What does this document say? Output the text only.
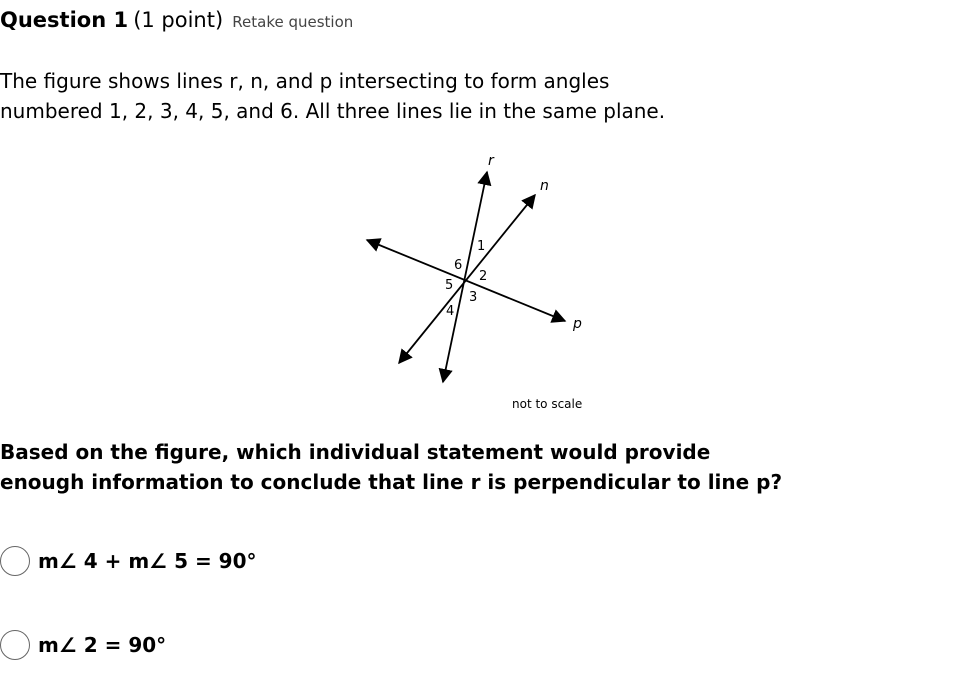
Question 1 (1 point) Retake question
The figure shows lines r, n, and p intersecting to form angles
numbered 1, 2, 3, 4, 5, and 6. All three lines lie in the same plane.
r
n
p
1
2
3
4
5
6
not to scale
Based on the figure, which individual statement would provide
enough information to conclude that line r is perpendicular to line p?
m∠ 4 + m∠ 5 = 90°
m∠ 2 = 90°
